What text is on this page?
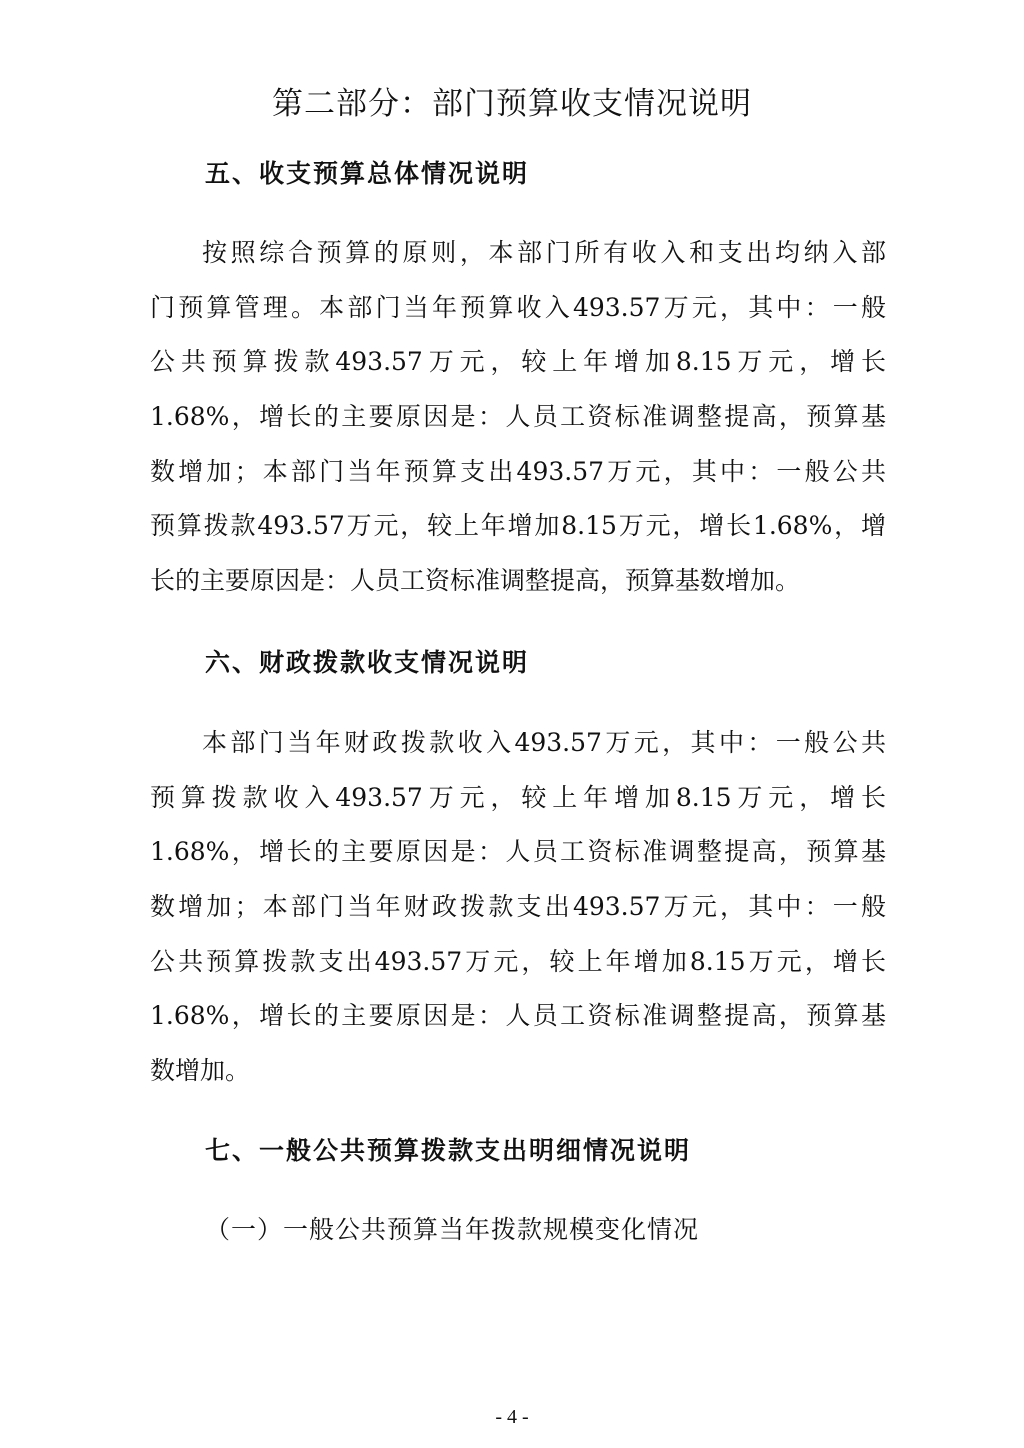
第二部分：部门预算收支情况说明
五、收支预算总体情况说明
按照综合预算的原则，本部门所有收入和支出均纳入部
门预算管理。本部门当年预算收入493.57万元，其中：一般
公共预算拨款493.57万元，较上年增加8.15万元，增长
1.68%，增长的主要原因是：人员工资标准调整提高，预算基
数增加；本部门当年预算支出493.57万元，其中：一般公共
预算拨款493.57万元，较上年增加8.15万元，增长1.68%，增
长的主要原因是：人员工资标准调整提高，预算基数增加。
六、财政拨款收支情况说明
本部门当年财政拨款收入493.57万元，其中：一般公共
预算拨款收入493.57万元，较上年增加8.15万元，增长
1.68%，增长的主要原因是：人员工资标准调整提高，预算基
数增加；本部门当年财政拨款支出493.57万元，其中：一般
公共预算拨款支出493.57万元，较上年增加8.15万元，增长
1.68%，增长的主要原因是：人员工资标准调整提高，预算基
数增加。
七、一般公共预算拨款支出明细情况说明
（一）一般公共预算当年拨款规模变化情况
- 4 -
